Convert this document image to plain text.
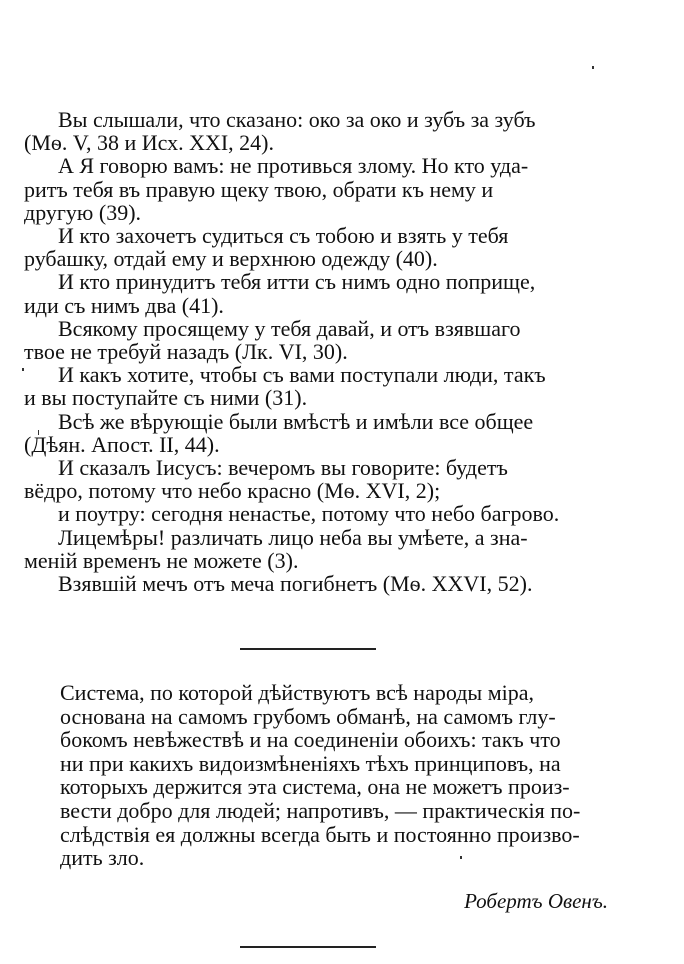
Вы слышали, что сказано: око за око и зубъ за зубъ
(Мѳ. V, 38 и Исх. XXI, 24).
А Я говорю вамъ: не противься злому. Но кто уда-
ритъ тебя въ правую щеку твою, обрати къ нему и
другую (39).
И кто захочетъ судиться съ тобою и взять у тебя
рубашку, отдай ему и верхнюю одежду (40).
И кто принудитъ тебя итти съ нимъ одно поприще,
иди съ нимъ два (41).
Всякому просящему у тебя давай, и отъ взявшаго
твое не требуй назадъ (Лк. VI, 30).
И какъ хотите, чтобы съ вами поступали люди, такъ
и вы поступайте съ ними (31).
Всѣ же вѣрующіе были вмѣстѣ и имѣли все общее
(Дѣян. Апост. II, 44).
И сказалъ Іисусъ: вечеромъ вы говорите: будетъ
вёдро, потому что небо красно (Мѳ. XVI, 2);
и поутру: сегодня ненастье, потому что небо багрово.
Лицемѣры! различать лицо неба вы умѣете, а зна-
меній временъ не можете (3).
Взявшій мечъ отъ меча погибнетъ (Мѳ. XXVI, 52).
Система, по которой дѣйствуютъ всѣ народы міра,
основана на самомъ грубомъ обманѣ, на самомъ глу-
бокомъ невѣжествѣ и на соединеніи обоихъ: такъ что
ни при какихъ видоизмѣненіяхъ тѣхъ принциповъ, на
которыхъ держится эта система, она не можетъ произ-
вести добро для людей; напротивъ, — практическія по-
слѣдствія ея должны всегда быть и постоянно произво-
дить зло.
Робертъ Овенъ.
